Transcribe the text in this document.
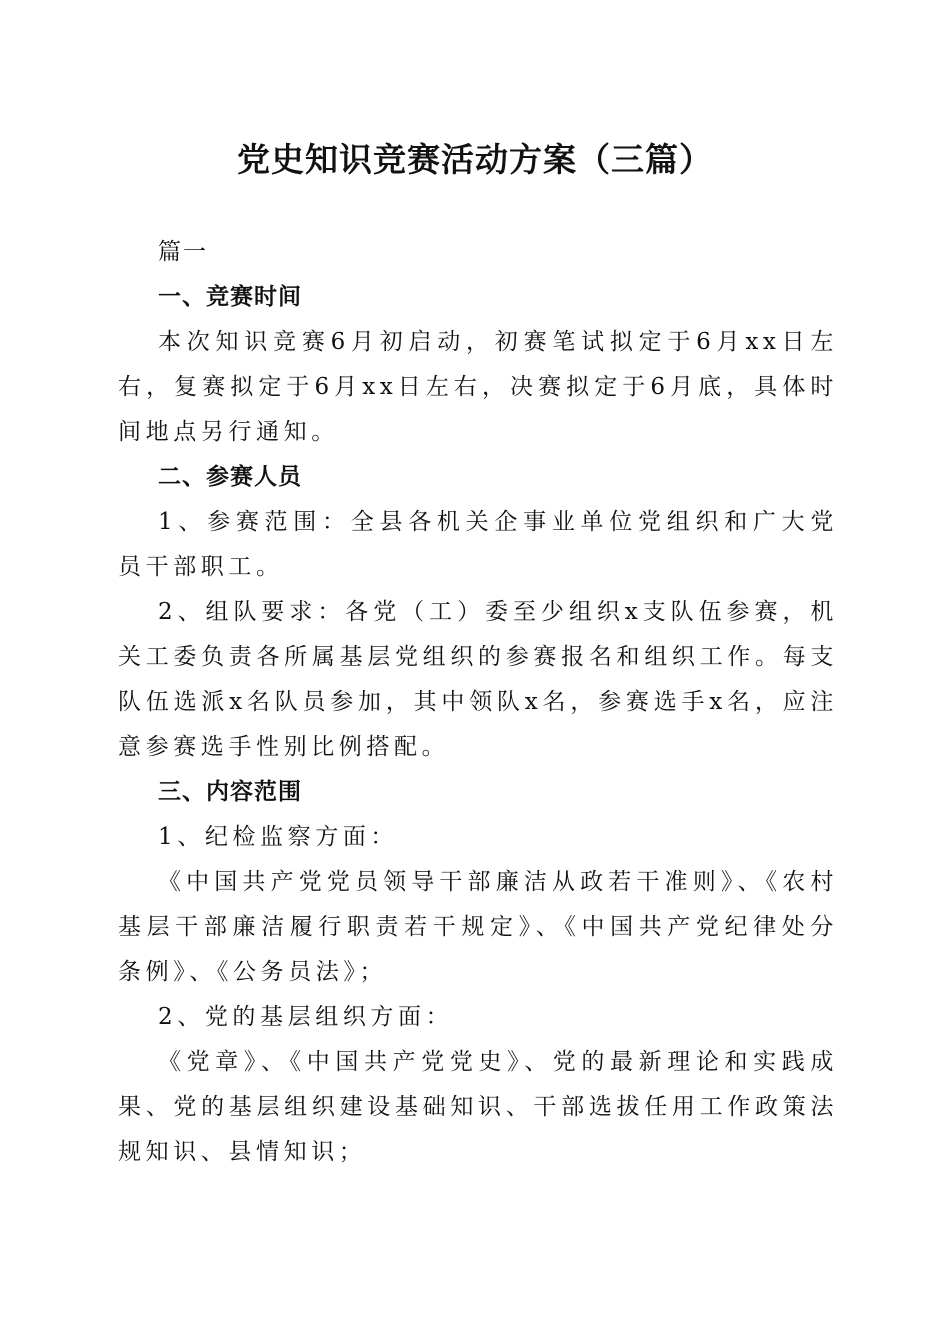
党史知识竞赛活动方案（三篇）

篇一

一、竞赛时间

本次知识竞赛6月初启动，初赛笔试拟定于6月xx日左右，复赛拟定于6月xx日左右，决赛拟定于6月底，具体时间地点另行通知。

二、参赛人员

1、参赛范围：全县各机关企事业单位党组织和广大党员干部职工。

2、组队要求：各党（工）委至少组织x支队伍参赛，机关工委负责各所属基层党组织的参赛报名和组织工作。每支队伍选派x名队员参加，其中领队x名，参赛选手x名，应注意参赛选手性别比例搭配。

三、内容范围

1、纪检监察方面：

《中国共产党党员领导干部廉洁从政若干准则》、《农村基层干部廉洁履行职责若干规定》、《中国共产党纪律处分条例》、《公务员法》；

2、党的基层组织方面：

《党章》、《中国共产党党史》、党的最新理论和实践成果、党的基层组织建设基础知识、干部选拔任用工作政策法规知识、县情知识；
